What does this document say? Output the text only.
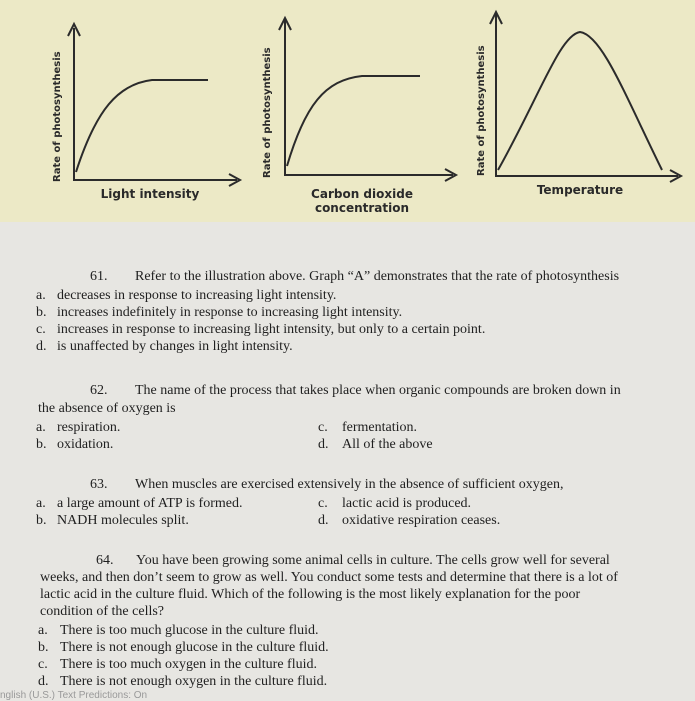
Rate of photosynthesis
Light intensity
Rate of photosynthesis
Carbon dioxide
concentration
Rate of photosynthesis
Temperature
61. Refer to the illustration above. Graph “A” demonstrates that the rate of photosynthesis
a. decreases in response to increasing light intensity.
b. increases indefinitely in response to increasing light intensity.
c. increases in response to increasing light intensity, but only to a certain point.
d. is unaffected by changes in light intensity.
62. The name of the process that takes place when organic compounds are broken down in
the absence of oxygen is
a. respiration.
b. oxidation.
c. fermentation.
d. All of the above
63. When muscles are exercised extensively in the absence of sufficient oxygen,
a. a large amount of ATP is formed.
b. NADH molecules split.
c. lactic acid is produced.
d. oxidative respiration ceases.
64. You have been growing some animal cells in culture. The cells grow well for several
weeks, and then don’t seem to grow as well. You conduct some tests and determine that there is a lot of
lactic acid in the culture fluid. Which of the following is the most likely explanation for the poor
condition of the cells?
a. There is too much glucose in the culture fluid.
b. There is not enough glucose in the culture fluid.
c. There is too much oxygen in the culture fluid.
d. There is not enough oxygen in the culture fluid.
nglish (U.S.) Text Predictions: On
